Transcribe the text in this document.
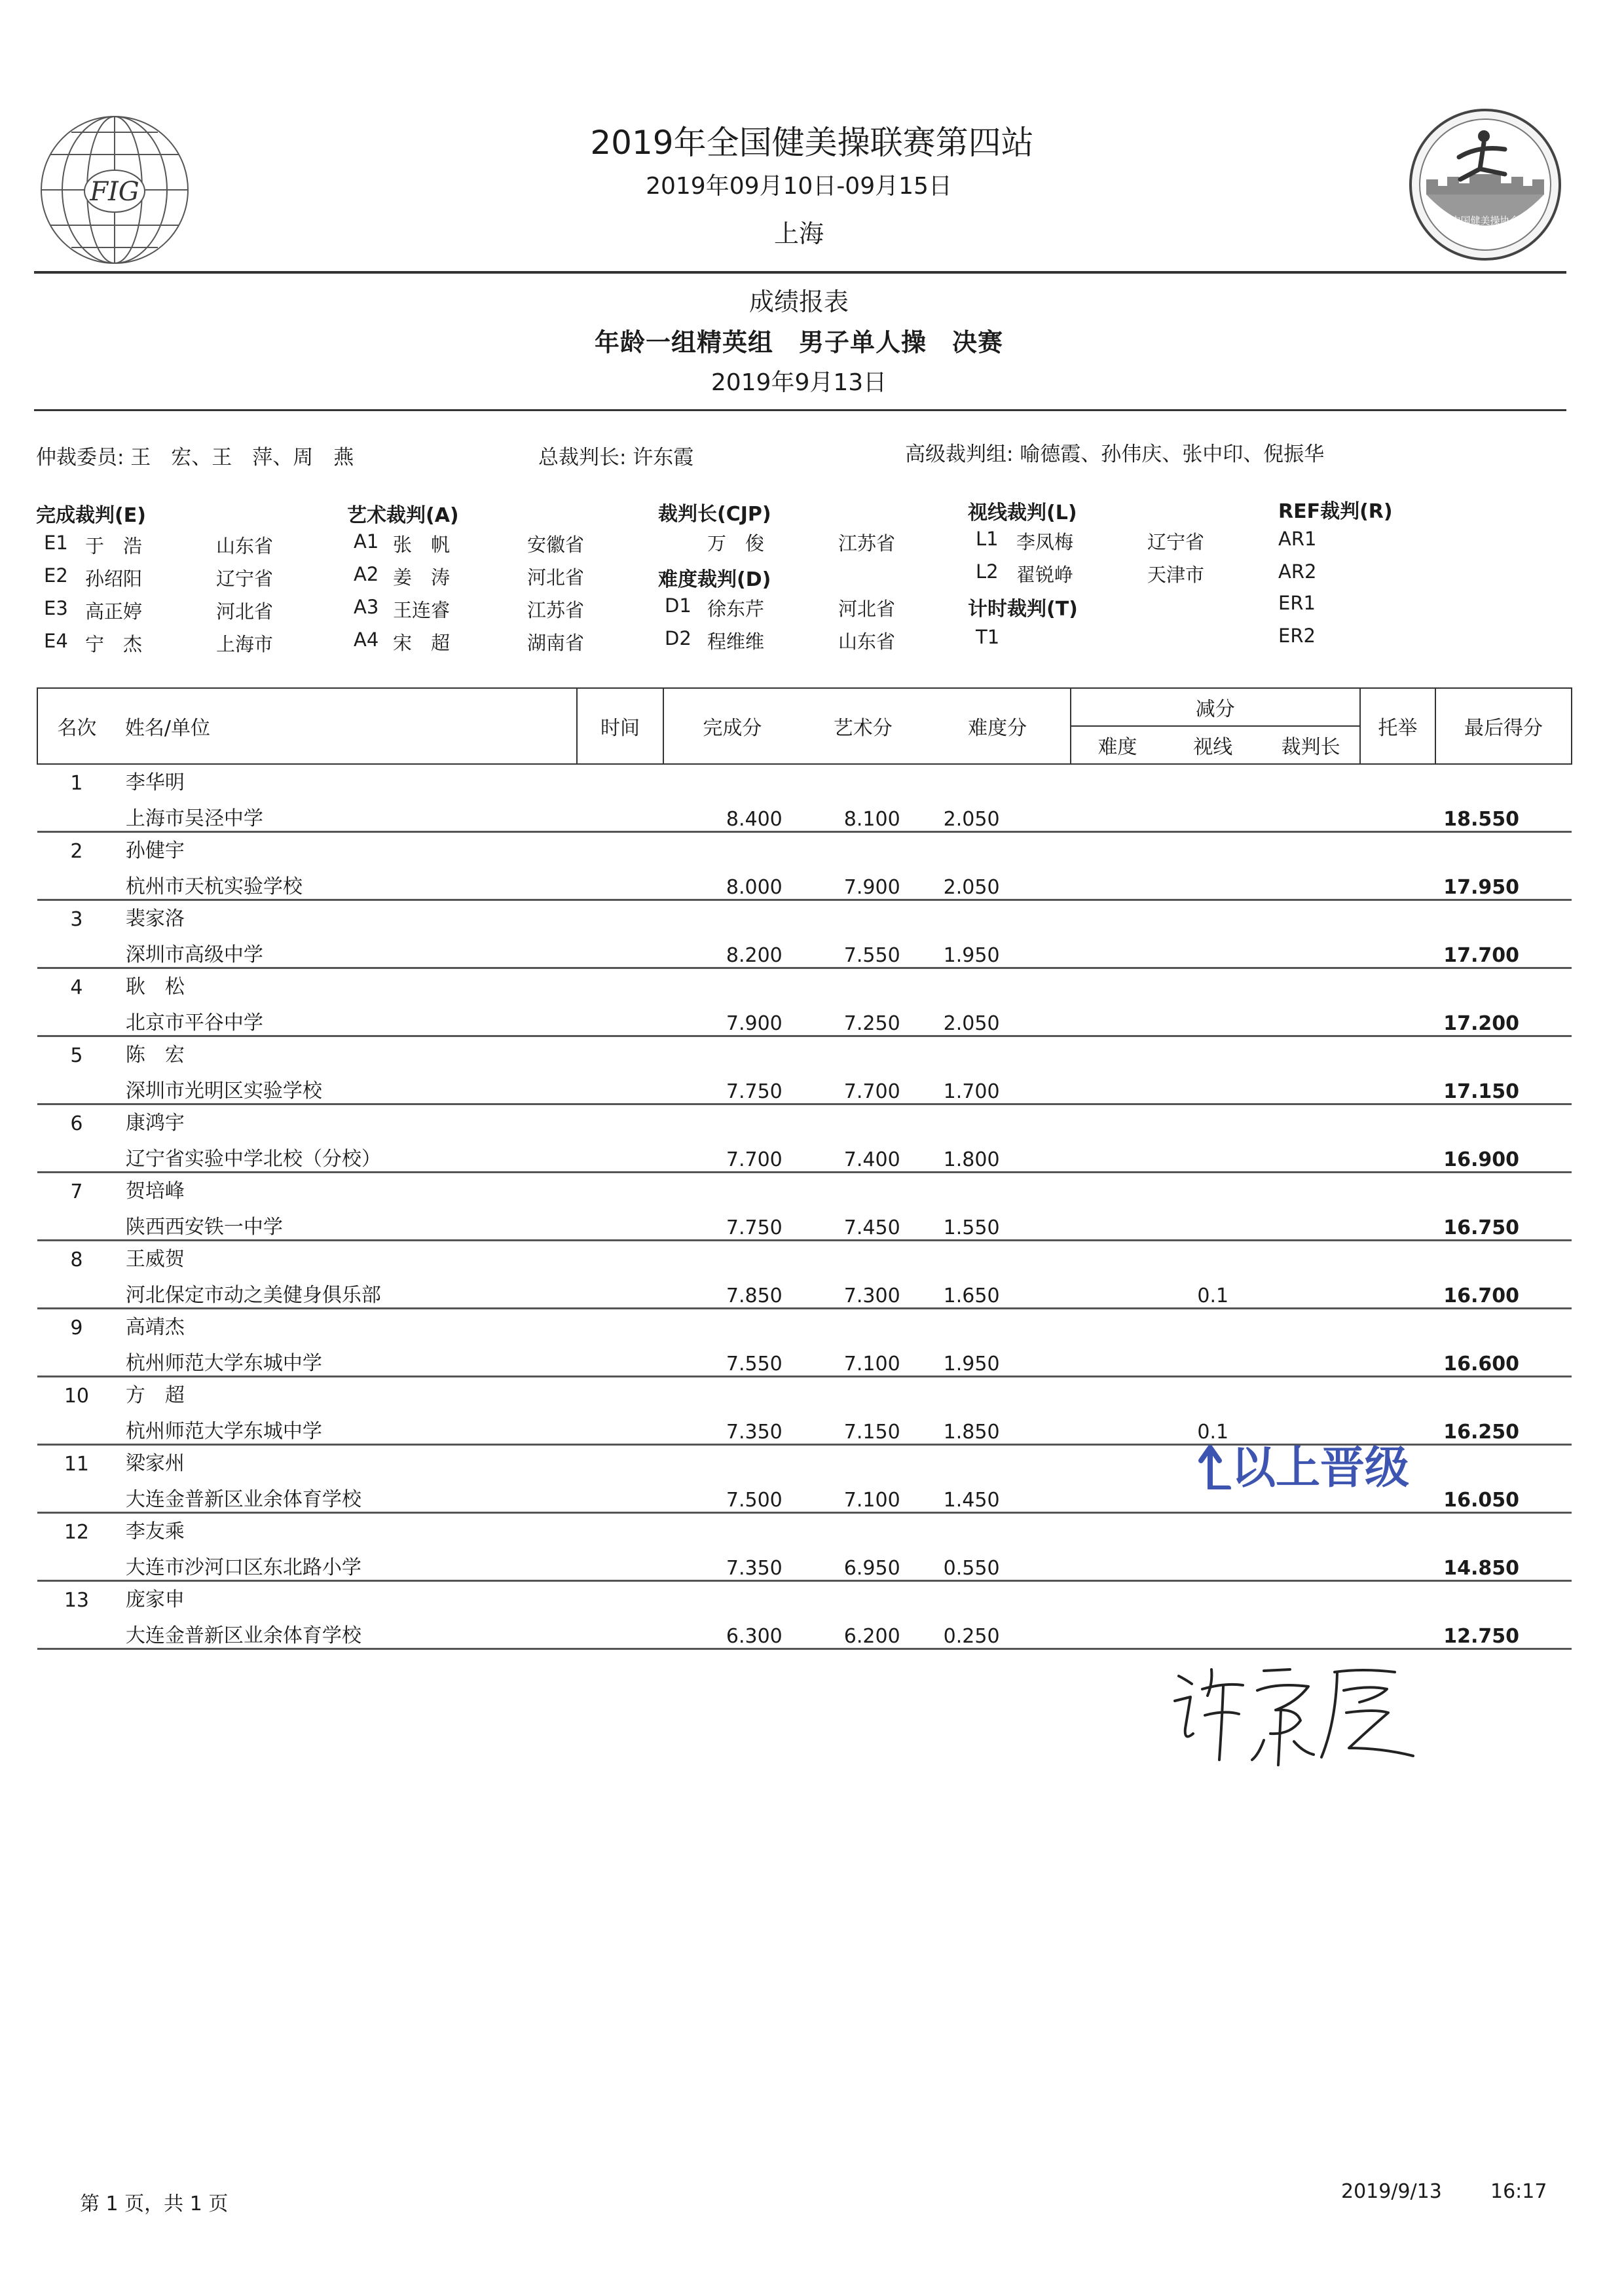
FIG
中国健美操协会
CAA
2019年全国健美操联赛第四站
2019年09月10日-09月15日
上海
成绩报表
年龄一组精英组　男子单人操　决赛
2019年9月13日
仲裁委员: 王　宏、王　萍、周　燕	总裁判长: 许东霞	高级裁判组: 喻德霞、孙伟庆、张中印、倪振华
完成裁判(E)
E1 于　浩	山东省
E2 孙绍阳	辽宁省
E3 高正婷	河北省
E4 宁　杰	上海市
艺术裁判(A)
A1 张　帆	安徽省
A2 姜　涛	河北省
A3 王连睿	江苏省
A4 宋　超	湖南省
裁判长(CJP)
万　俊	江苏省
难度裁判(D)
D1 徐东芹	河北省
D2 程维维	山东省
视线裁判(L)
L1 李凤梅	辽宁省
L2 翟锐峥	天津市
计时裁判(T)
T1
REF裁判(R)
AR1
AR2
ER1
ER2
名次	姓名/单位	时间	完成分	艺术分	难度分	减分			托举	最后得分
						难度	视线	裁判长		
1	李华明									
	上海市吴泾中学		8.400	8.100	2.050					18.550
2	孙健宇									
	杭州市天杭实验学校		8.000	7.900	2.050					17.950
3	裴家洛									
	深圳市高级中学		8.200	7.550	1.950					17.700
4	耿　松									
	北京市平谷中学		7.900	7.250	2.050					17.200
5	陈　宏									
	深圳市光明区实验学校		7.750	7.700	1.700					17.150
6	康鸿宇									
	辽宁省实验中学北校（分校）		7.700	7.400	1.800					16.900
7	贺培峰									
	陕西西安铁一中学		7.750	7.450	1.550					16.750
8	王威贺									
	河北保定市动之美健身俱乐部		7.850	7.300	1.650		0.1			16.700
9	高靖杰									
	杭州师范大学东城中学		7.550	7.100	1.950					16.600
10	方　超									
	杭州师范大学东城中学		7.350	7.150	1.850		0.1			16.250
11	梁家州									
	大连金普新区业余体育学校		7.500	7.100	1.450					16.050
12	李友乘									
	大连市沙河口区东北路小学		7.350	6.950	0.550					14.850
13	庞家申									
	大连金普新区业余体育学校		6.300	6.200	0.250					12.750
以上晋级
第 1 页，共 1 页
2019/9/13 16:17
